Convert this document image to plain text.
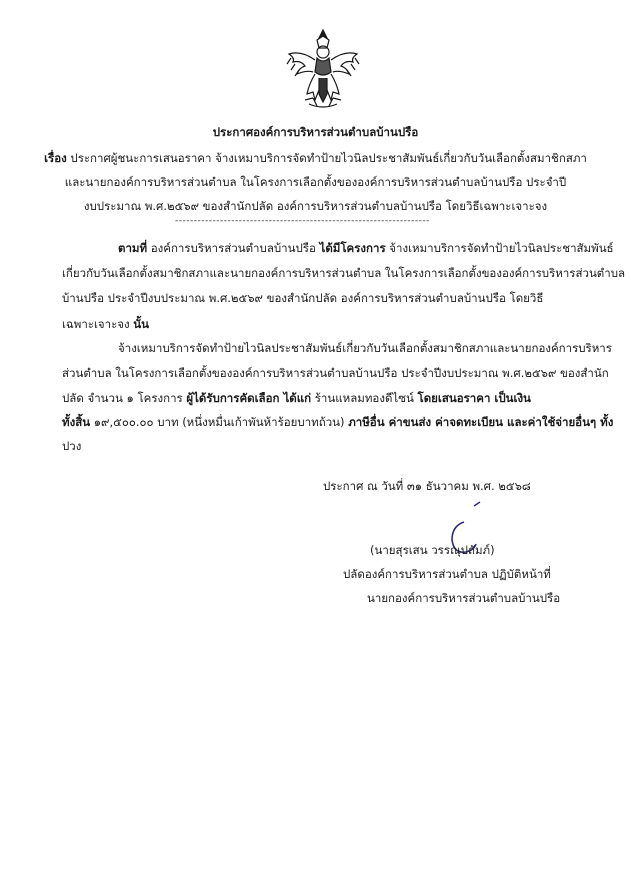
ประกาศองค์การบริหารส่วนตำบลบ้านปรือ
เรื่อง ประกาศผู้ชนะการเสนอราคา จ้างเหมาบริการจัดทำป้ายไวนิลประชาสัมพันธ์เกี่ยวกับวันเลือกตั้งสมาชิกสภา
และนายกองค์การบริหารส่วนตำบล ในโครงการเลือกตั้งขององค์การบริหารส่วนตำบลบ้านปรือ ประจำปี
งบประมาณ พ.ศ.๒๕๖๙ ของสำนักปลัด องค์การบริหารส่วนตำบลบ้านปรือ โดยวิธีเฉพาะเจาะจง
--------------------------------------------------------------------
ตามที่ องค์การบริหารส่วนตำบลบ้านปรือ ได้มีโครงการ จ้างเหมาบริการจัดทำป้ายไวนิลประชาสัมพันธ์
เกี่ยวกับวันเลือกตั้งสมาชิกสภาและนายกองค์การบริหารส่วนตำบล ในโครงการเลือกตั้งขององค์การบริหารส่วนตำบล
บ้านปรือ ประจำปีงบประมาณ พ.ศ.๒๕๖๙ ของสำนักปลัด องค์การบริหารส่วนตำบลบ้านปรือ โดยวิธี
เฉพาะเจาะจง นั้น
จ้างเหมาบริการจัดทำป้ายไวนิลประชาสัมพันธ์เกี่ยวกับวันเลือกตั้งสมาชิกสภาและนายกองค์การบริหาร
ส่วนตำบล ในโครงการเลือกตั้งขององค์การบริหารส่วนตำบลบ้านปรือ ประจำปีงบประมาณ พ.ศ.๒๕๖๙ ของสำนัก
ปลัด จำนวน ๑ โครงการ ผู้ได้รับการคัดเลือก ได้แก่ ร้านแหลมทองดีไซน์ โดยเสนอราคา เป็นเงิน
ทั้งสิ้น ๑๙,๕๐๐.๐๐ บาท (หนึ่งหมื่นเก้าพันห้าร้อยบาทถ้วน) ภาษีอื่น ค่าขนส่ง ค่าจดทะเบียน และค่าใช้จ่ายอื่นๆ ทั้ง
ปวง
ประกาศ ณ วันที่ ๓๑ ธันวาคม พ.ศ. ๒๕๖๘
(นายสุรเสน วรรณุปถัมภ์)
ปลัดองค์การบริหารส่วนตำบล ปฏิบัติหน้าที่
นายกองค์การบริหารส่วนตำบลบ้านปรือ
